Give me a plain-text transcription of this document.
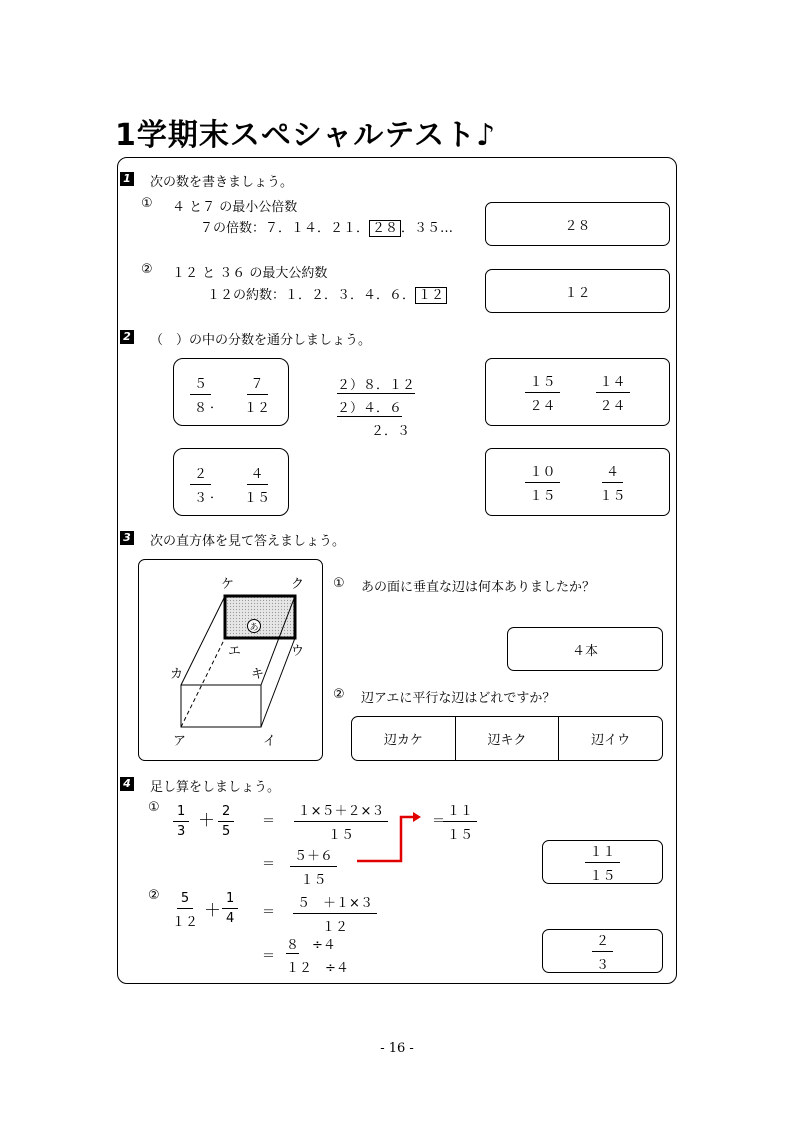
1学期末スペシャルテスト♪
1 次の数を書きましょう。
① ４ と７ の最小公倍数
７の倍数：７．１４．２１． ２８ ．３５…	２８
② １２ と ３６ の最大公約数
１２の約数：１．２．３．４．６． １２	１２
2 （　）の中の分数を通分しましょう。
$\frac{5}{8}$
． $\frac{7}{12}$	２）８．１２
２）４．６
２．３
$\frac{15}{24}$	$\frac{14}{24}$
$\frac{2}{3}$
． $\frac{4}{15}$	$\frac{10}{15}$	$\frac{4}{15}$
3 次の直方体を見て答えましょう。
ケ	ク
エ	ウ
カ	キ
ア	イ
あ
① あの面に垂直な辺は何本ありましたか？
４本
② 辺アエに平行な辺はどれですか？
辺カケ	辺キク	辺イウ
4 足し算をしましょう。
① $\frac{1}{3} + \frac{2}{5}$ ＝
１×５＋２×３
１５
＝ $\frac{5+6}{15}$
＝
$\frac{11}{15}$
$\frac{11}{15}$
② $\frac{5}{12} + \frac{1}{4}$ ＝
５　＋１×３
１２
＝
８　 ÷４
１２　 ÷４	$\frac{2}{3}$
- 16 -
